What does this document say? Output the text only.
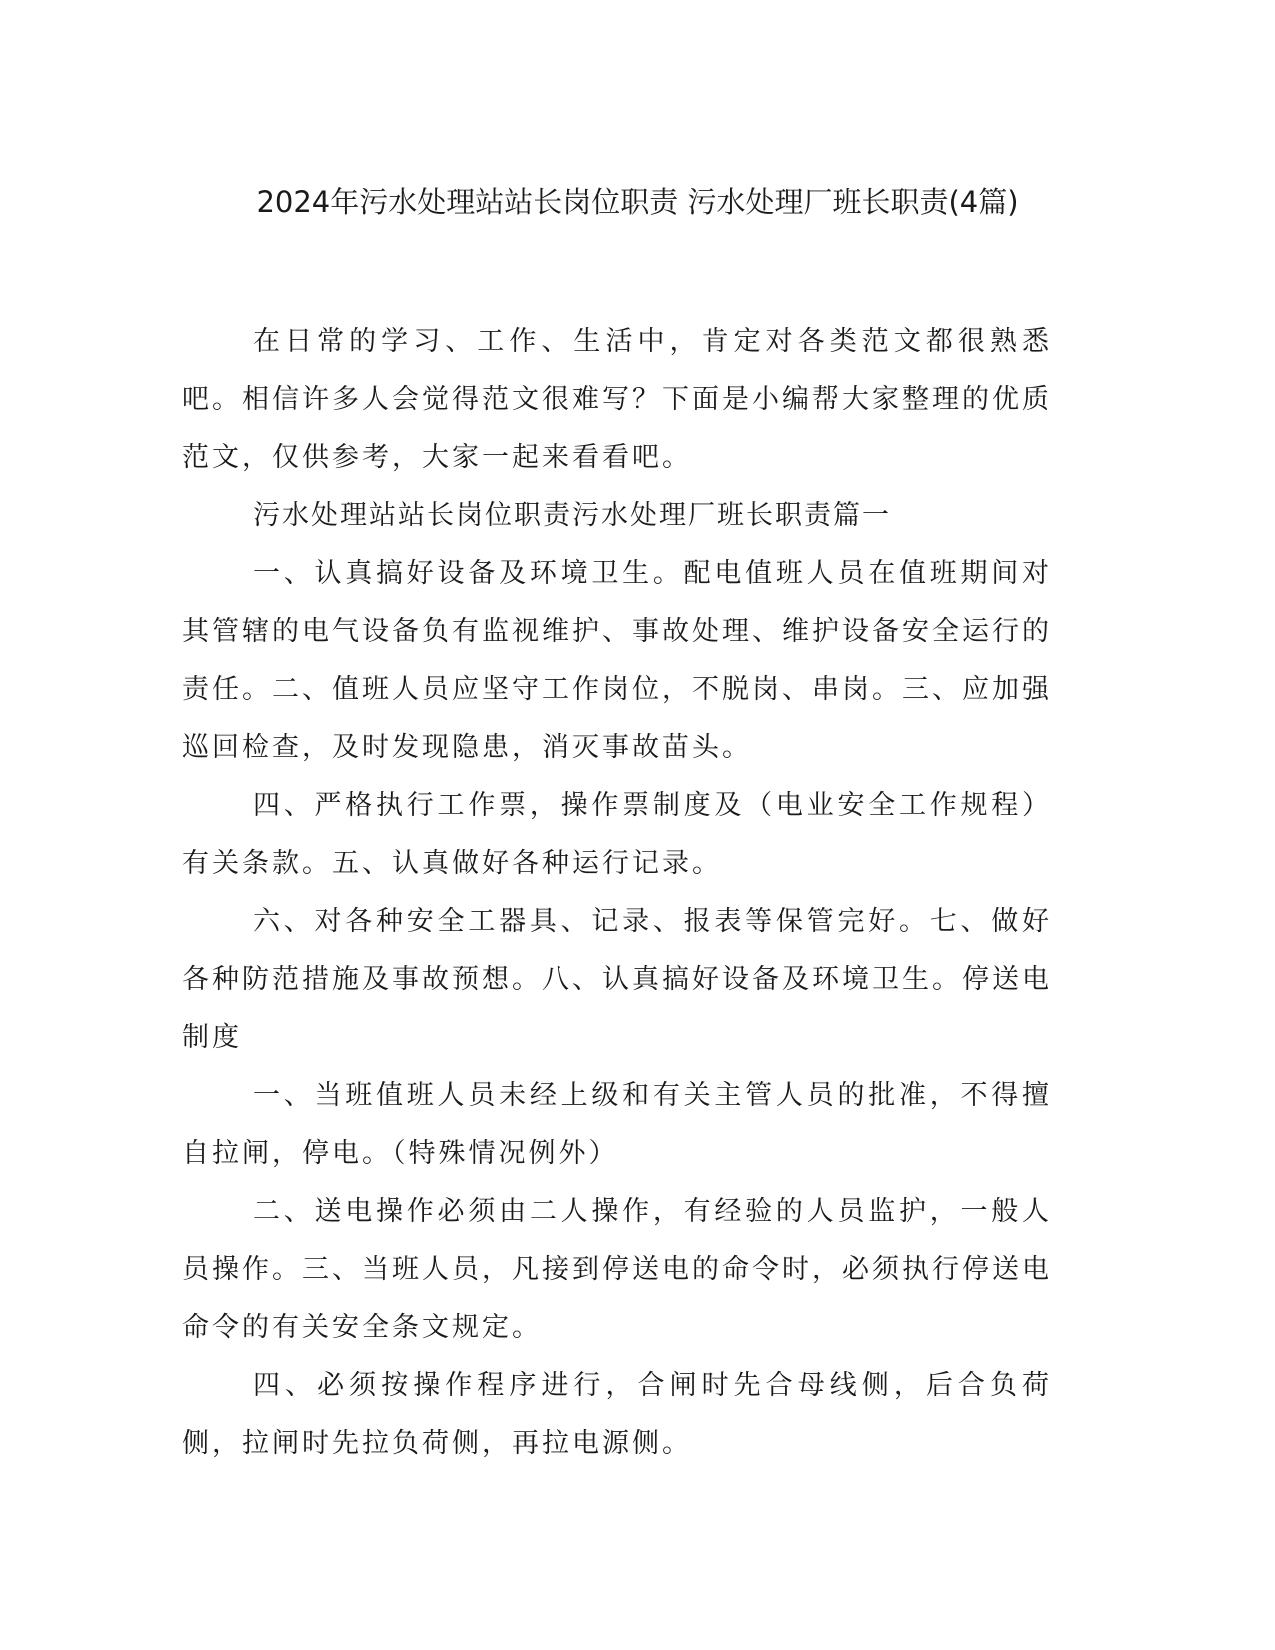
2024年污水处理站站长岗位职责 污水处理厂班长职责(4篇)

在日常的学习、工作、生活中，肯定对各类范文都很熟悉吧。相信许多人会觉得范文很难写？下面是小编帮大家整理的优质范文，仅供参考，大家一起来看看吧。

污水处理站站长岗位职责污水处理厂班长职责篇一

一、认真搞好设备及环境卫生。配电值班人员在值班期间对其管辖的电气设备负有监视维护、事故处理、维护设备安全运行的责任。二、值班人员应坚守工作岗位，不脱岗、串岗。三、应加强巡回检查，及时发现隐患，消灭事故苗头。

四、严格执行工作票，操作票制度及（电业安全工作规程）有关条款。五、认真做好各种运行记录。

六、对各种安全工器具、记录、报表等保管完好。七、做好各种防范措施及事故预想。八、认真搞好设备及环境卫生。停送电制度

一、当班值班人员未经上级和有关主管人员的批准，不得擅自拉闸，停电。（特殊情况例外）

二、送电操作必须由二人操作，有经验的人员监护，一般人员操作。三、当班人员，凡接到停送电的命令时，必须执行停送电命令的有关安全条文规定。

四、必须按操作程序进行，合闸时先合母线侧，后合负荷侧，拉闸时先拉负荷侧，再拉电源侧。
